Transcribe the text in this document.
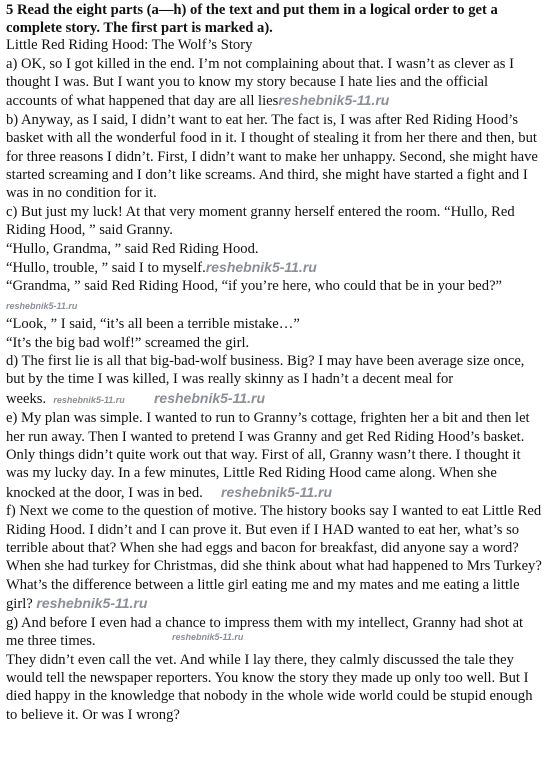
5 Read the eight parts (a—h) of the text and put them in a logical order to get a complete story. The first part is marked a).

Little Red Riding Hood: The Wolf’s Story

a) OK, so I got killed in the end. I’m not complaining about that. I wasn’t as clever as I thought I was. But I want you to know my story because I hate lies and the official accounts of what happened that day are all liesreshebnik5-11.ru

b) Anyway, as I said, I didn’t want to eat her. The fact is, I was after Red Riding Hood’s basket with all the wonderful food in it. I thought of stealing it from her there and then, but for three reasons I didn’t. First, I didn’t want to make her unhappy. Second, she might have started screaming and I don’t like screams. And third, she might have started a fight and I was in no condition for it.

c) But just my luck! At that very moment granny herself entered the room. “Hullo, Red Riding Hood, ” said Granny.

“Hullo, Grandma, ” said Red Riding Hood.

“Hullo, trouble, ” said I to myself.reshebnik5-11.ru

“Grandma, ” said Red Riding Hood, “if you’re here, who could that be in your bed?” reshebnik5-11.ru

“Look, ” I said, “it’s all been a terrible mistake…”

“It’s the big bad wolf!” screamed the girl.

d) The first lie is all that big-bad-wolf business. Big? I may have been average size once, but by the time I was killed, I was really skinny as I hadn’t a decent meal for weeks. reshebnik5-11.ru reshebnik5-11.ru

e) My plan was simple. I wanted to run to Granny’s cottage, frighten her a bit and then let her run away. Then I wanted to pretend I was Granny and get Red Riding Hood’s basket.

Only things didn’t quite work out that way. First of all, Granny wasn’t there. I thought it was my lucky day. In a few minutes, Little Red Riding Hood came along. When she knocked at the door, I was in bed. reshebnik5-11.ru

f) Next we come to the question of motive. The history books say I wanted to eat Little Red Riding Hood. I didn’t and I can prove it. But even if I HAD wanted to eat her, what’s so terrible about that? When she had eggs and bacon for breakfast, did anyone say a word? When she had turkey for Christmas, did she think about what had happened to Mrs Turkey? What’s the difference between a little girl eating me and my mates and me eating a little girl? reshebnik5-11.ru

g) And before I even had a chance to impress them with my intellect, Granny had shot at me three times.

They didn’t even call the vet. And while I lay there, they calmly discussed the tale they would tell the newspaper reporters. You know the story they made up only too well. But I died happy in the knowledge that nobody in the whole wide world could be stupid enough to believe it. Or was I wrong?

reshebnik5-11.ru
